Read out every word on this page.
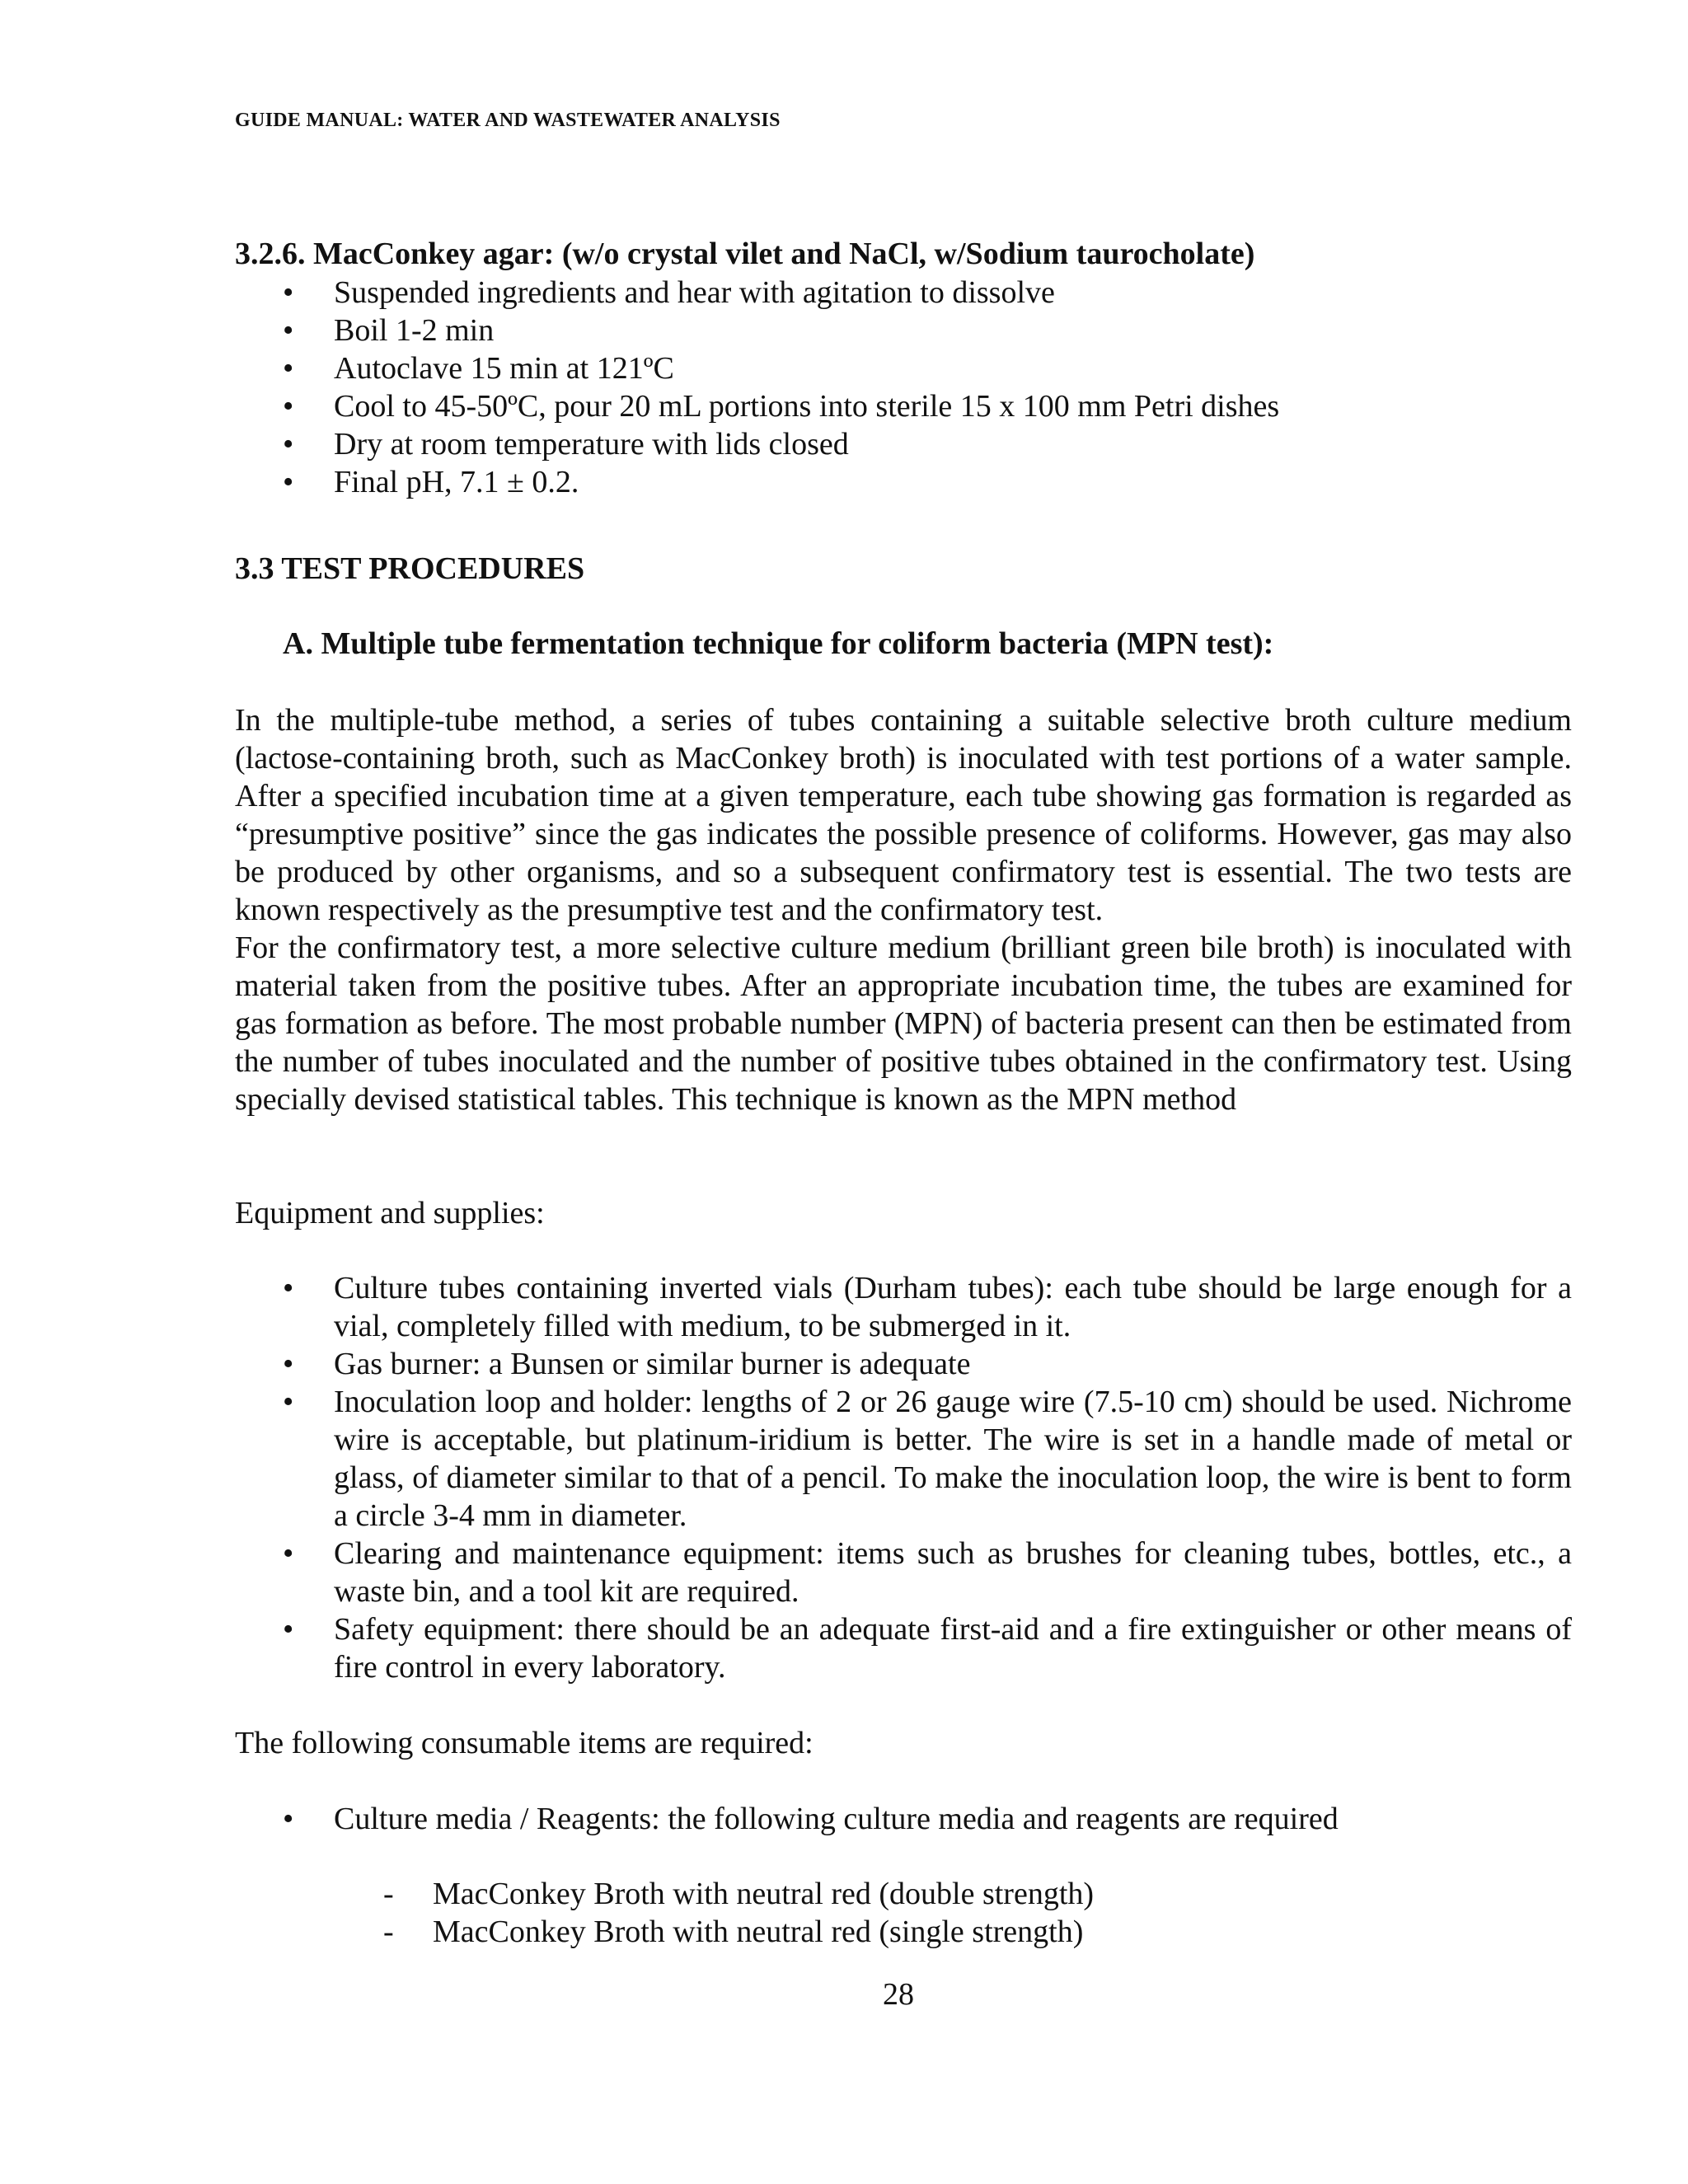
GUIDE MANUAL: WATER AND WASTEWATER ANALYSIS
3.2.6. MacConkey agar: (w/o crystal vilet and NaCl, w/Sodium taurocholate)
• Suspended ingredients and hear with agitation to dissolve
• Boil 1-2 min
• Autoclave 15 min at 121ºC
• Cool to 45-50ºC, pour 20 mL portions into sterile 15 x 100 mm Petri dishes
• Dry at room temperature with lids closed
• Final pH, 7.1 ± 0.2.
3.3 TEST PROCEDURES
A. Multiple tube fermentation technique for coliform bacteria (MPN test):

In the multiple-tube method, a series of tubes containing a suitable selective broth culture medium (lactose-containing broth, such as MacConkey broth) is inoculated with test portions of a water sample. After a specified incubation time at a given temperature, each tube showing gas formation is regarded as “presumptive positive” since the gas indicates the possible presence of coliforms. However, gas may also be produced by other organisms, and so a subsequent confirmatory test is essential. The two tests are known respectively as the presumptive test and the confirmatory test.

For the confirmatory test, a more selective culture medium (brilliant green bile broth) is inoculated with material taken from the positive tubes. After an appropriate incubation time, the tubes are examined for gas formation as before. The most probable number (MPN) of bacteria present can then be estimated from the number of tubes inoculated and the number of positive tubes obtained in the confirmatory test. Using specially devised statistical tables. This technique is known as the MPN method

Equipment and supplies:
• Culture tubes containing inverted vials (Durham tubes): each tube should be large enough for a vial, completely filled with medium, to be submerged in it.
• Gas burner: a Bunsen or similar burner is adequate
• Inoculation loop and holder: lengths of 2 or 26 gauge wire (7.5-10 cm) should be used. Nichrome wire is acceptable, but platinum-iridium is better. The wire is set in a handle made of metal or glass, of diameter similar to that of a pencil. To make the inoculation loop, the wire is bent to form a circle 3-4 mm in diameter.
• Clearing and maintenance equipment: items such as brushes for cleaning tubes, bottles, etc., a waste bin, and a tool kit are required.
• Safety equipment: there should be an adequate first-aid and a fire extinguisher or other means of fire control in every laboratory.
The following consumable items are required:
• Culture media / Reagents: the following culture media and reagents are required
- MacConkey Broth with neutral red (double strength)
- MacConkey Broth with neutral red (single strength)
28
